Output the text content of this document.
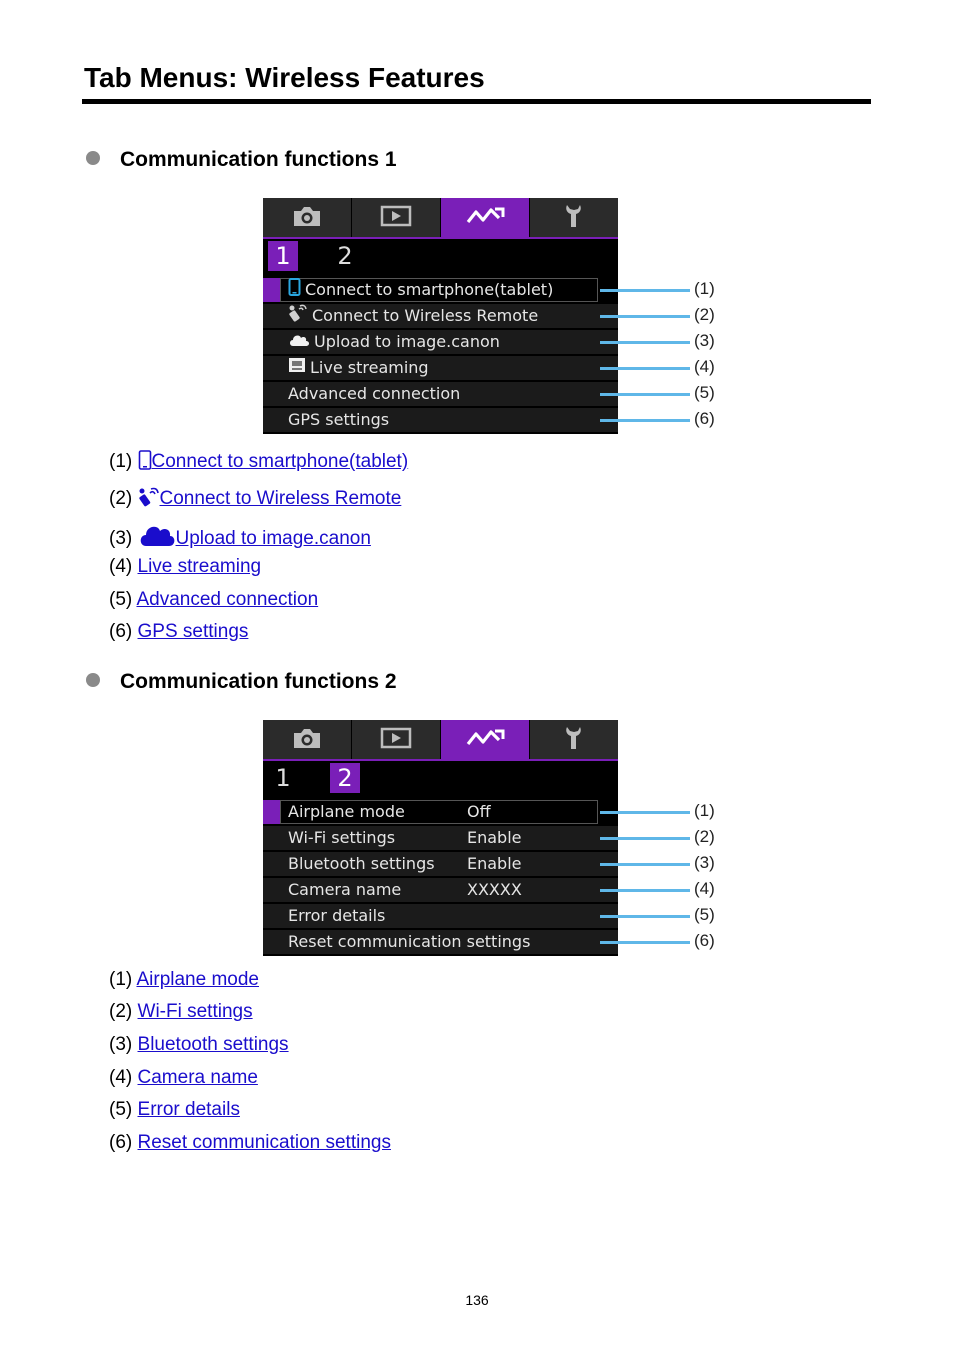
Tab Menus: Wireless Features
Communication functions 1
1	2
Connect to smartphone(tablet)
Connect to Wireless Remote
Upload to image.canon
Live streaming
Advanced connection
GPS settings
(1)
(2)
(3)
(4)
(5)
(6)
(1) Connect to smartphone(tablet)
(2) Connect to Wireless Remote
(3) Upload to image.canon
(4) Live streaming
(5) Advanced connection
(6) GPS settings
Communication functions 2
1	2
Airplane mode	Off
Wi-Fi settings	Enable
Bluetooth settings Enable
Camera name	XXXXX
Error details
Reset communication settings
(1)
(2)
(3)
(4)
(5)
(6)
(1) Airplane mode
(2) Wi-Fi settings
(3) Bluetooth settings
(4) Camera name
(5) Error details
(6) Reset communication settings
136
